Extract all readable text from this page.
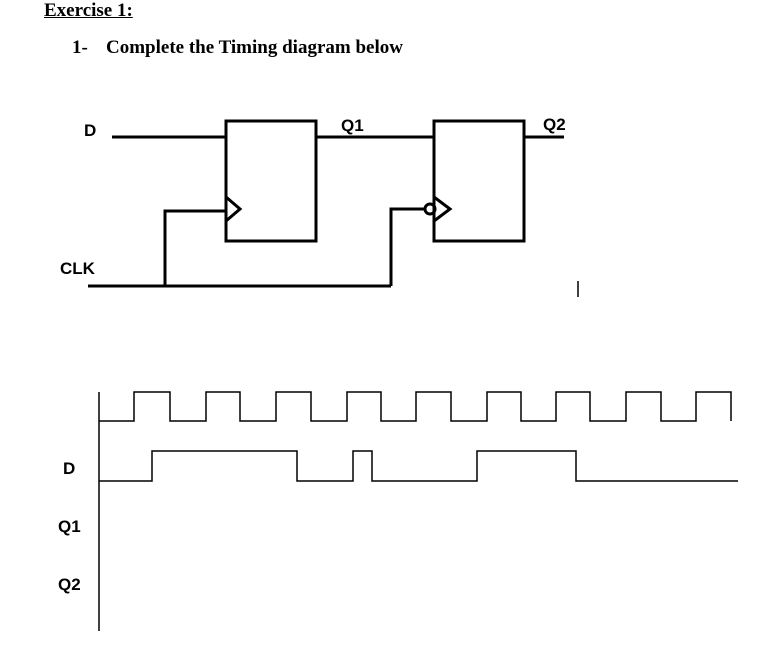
Exercise 1:
1- Complete the Timing diagram below
D
CLK
Q1	Q2
D
Q1
Q2
